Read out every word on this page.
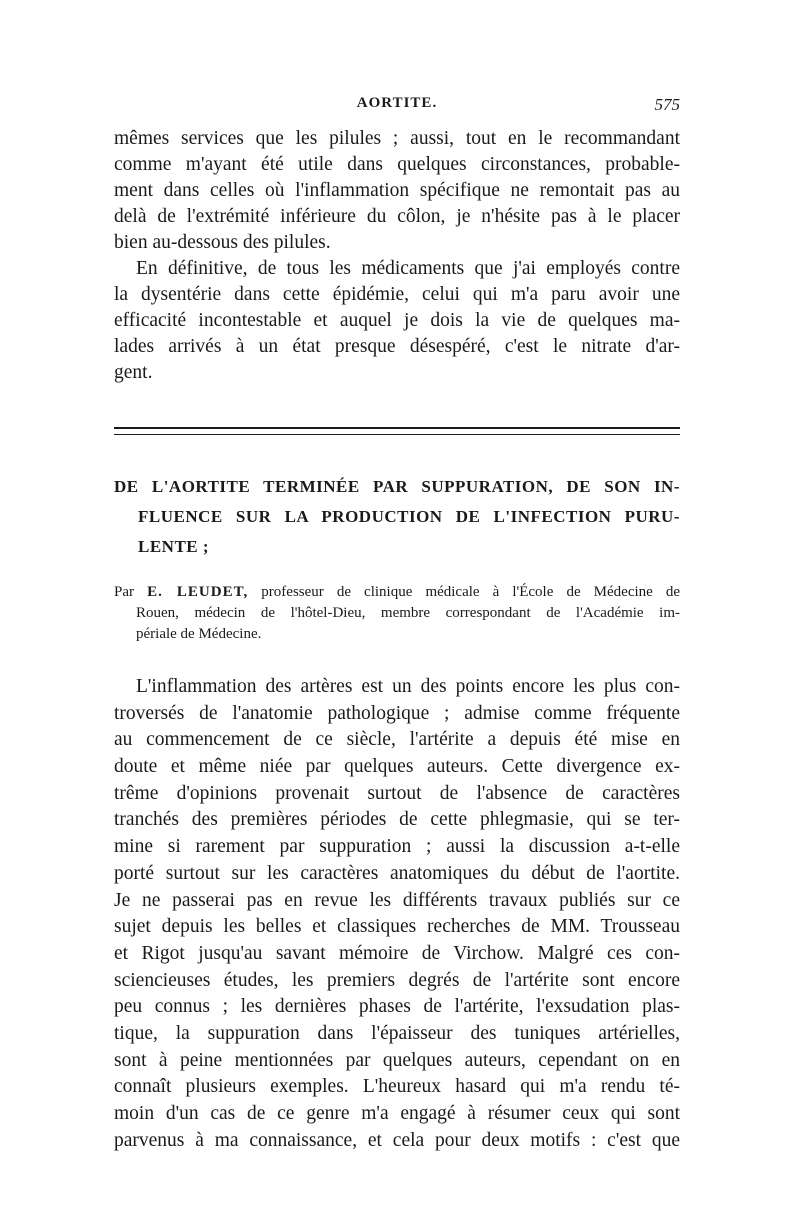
AORTITE.	575
mêmes services que les pilules ; aussi, tout en le recommandant
comme m'ayant été utile dans quelques circonstances, probable-
ment dans celles où l'inflammation spécifique ne remontait pas au
delà de l'extrémité inférieure du côlon, je n'hésite pas à le placer
bien au-dessous des pilules.
En définitive, de tous les médicaments que j'ai employés contre
la dysentérie dans cette épidémie, celui qui m'a paru avoir une
efficacité incontestable et auquel je dois la vie de quelques ma-
lades arrivés à un état presque désespéré, c'est le nitrate d'ar-
gent.
DE L'AORTITE TERMINÉE PAR SUPPURATION, DE SON IN-
FLUENCE SUR LA PRODUCTION DE L'INFECTION PURU-
LENTE ;
Par E. LEUDET, professeur de clinique médicale à l'École de Médecine de
Rouen, médecin de l'hôtel-Dieu, membre correspondant de l'Académie im-
périale de Médecine.
L'inflammation des artères est un des points encore les plus con-
troversés de l'anatomie pathologique ; admise comme fréquente
au commencement de ce siècle, l'artérite a depuis été mise en
doute et même niée par quelques auteurs. Cette divergence ex-
trême d'opinions provenait surtout de l'absence de caractères
tranchés des premières périodes de cette phlegmasie, qui se ter-
mine si rarement par suppuration ; aussi la discussion a-t-elle
porté surtout sur les caractères anatomiques du début de l'aortite.
Je ne passerai pas en revue les différents travaux publiés sur ce
sujet depuis les belles et classiques recherches de MM. Trousseau
et Rigot jusqu'au savant mémoire de Virchow. Malgré ces con-
sciencieuses études, les premiers degrés de l'artérite sont encore
peu connus ; les dernières phases de l'artérite, l'exsudation plas-
tique, la suppuration dans l'épaisseur des tuniques artérielles,
sont à peine mentionnées par quelques auteurs, cependant on en
connaît plusieurs exemples. L'heureux hasard qui m'a rendu té-
moin d'un cas de ce genre m'a engagé à résumer ceux qui sont
parvenus à ma connaissance, et cela pour deux motifs : c'est que
